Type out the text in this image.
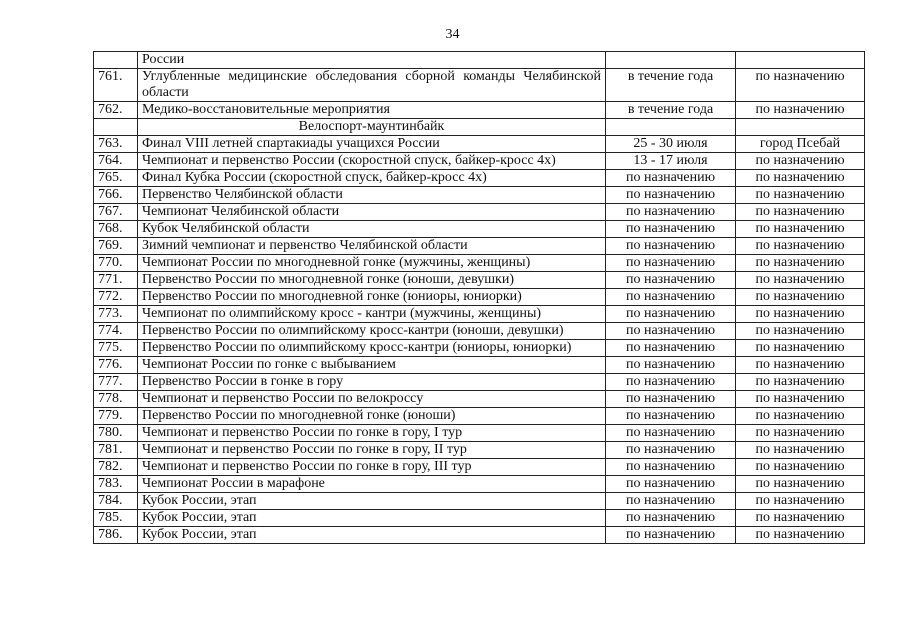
34
	России		
761.	Углубленные медицинские обследования сборной команды Челябинской области	в течение года	по назначению
762.	Медико-восстановительные мероприятия	в течение года	по назначению
	Велоспорт-маунтинбайк		
763.	Финал VIII летней спартакиады учащихся России	25 - 30 июля	город Псебай
764.	Чемпионат и первенство России (скоростной спуск, байкер-кросс 4х)	13 - 17 июля	по назначению
765.	Финал Кубка России (скоростной спуск, байкер-кросс 4х)	по назначению	по назначению
766.	Первенство Челябинской области	по назначению	по назначению
767.	Чемпионат Челябинской области	по назначению	по назначению
768.	Кубок Челябинской области	по назначению	по назначению
769.	Зимний чемпионат и первенство Челябинской области	по назначению	по назначению
770.	Чемпионат России по многодневной гонке (мужчины, женщины)	по назначению	по назначению
771.	Первенство России по многодневной гонке (юноши, девушки)	по назначению	по назначению
772.	Первенство России по многодневной гонке (юниоры, юниорки)	по назначению	по назначению
773.	Чемпионат по олимпийскому кросс - кантри (мужчины, женщины)	по назначению	по назначению
774.	Первенство России по олимпийскому кросс-кантри (юноши, девушки)	по назначению	по назначению
775.	Первенство России по олимпийскому кросс-кантри (юниоры, юниорки)	по назначению	по назначению
776.	Чемпионат России по гонке с выбыванием	по назначению	по назначению
777.	Первенство России в гонке в гору	по назначению	по назначению
778.	Чемпионат и первенство России по велокроссу	по назначению	по назначению
779.	Первенство России по многодневной гонке (юноши)	по назначению	по назначению
780.	Чемпионат и первенство России по гонке в гору, I тур	по назначению	по назначению
781.	Чемпионат и первенство России по гонке в гору, II тур	по назначению	по назначению
782.	Чемпионат и первенство России по гонке в гору, III тур	по назначению	по назначению
783.	Чемпионат России в марафоне	по назначению	по назначению
784.	Кубок России, этап	по назначению	по назначению
785.	Кубок России, этап	по назначению	по назначению
786.	Кубок России, этап	по назначению	по назначению
